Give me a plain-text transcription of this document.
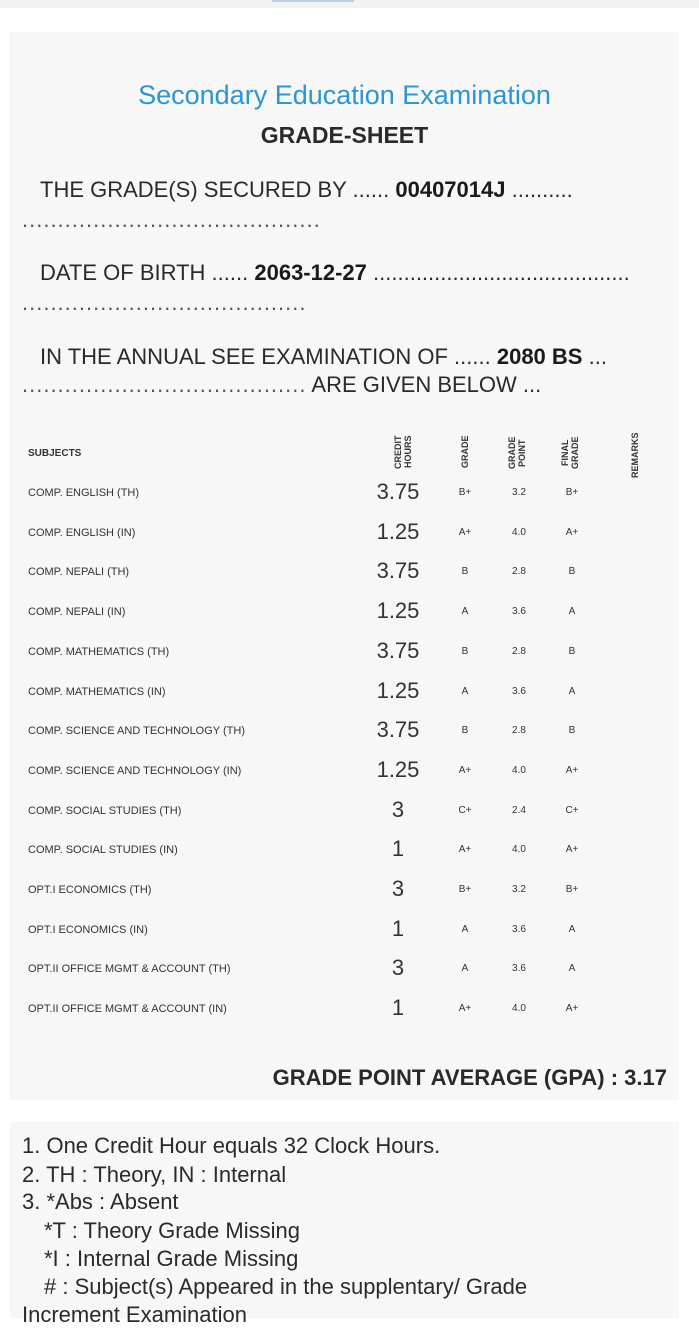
Secondary Education Examination
GRADE-SHEET
THE GRADE(S) SECURED BY ...... 00407014J ..........
..........................................
DATE OF BIRTH ...... 2063-12-27 ..........................................
........................................
IN THE ANNUAL SEE EXAMINATION OF ...... 2080 BS ...
........................................ ARE GIVEN BELOW ...
SUBJECTS	CREDIT HOURS	GRADE	GRADE POINT	FINAL GRADE	REMARKS
COMP. ENGLISH (TH)	3.75	B+	3.2	B+
COMP. ENGLISH (IN)	1.25	A+	4.0	A+
COMP. NEPALI (TH)	3.75	B	2.8	B
COMP. NEPALI (IN)	1.25	A	3.6	A
COMP. MATHEMATICS (TH)	3.75	B	2.8	B
COMP. MATHEMATICS (IN)	1.25	A	3.6	A
COMP. SCIENCE AND TECHNOLOGY (TH)	3.75	B	2.8	B
COMP. SCIENCE AND TECHNOLOGY (IN)	1.25	A+	4.0	A+
COMP. SOCIAL STUDIES (TH)	3	C+	2.4	C+
COMP. SOCIAL STUDIES (IN)	1	A+	4.0	A+
OPT.I ECONOMICS (TH)	3	B+	3.2	B+
OPT.I ECONOMICS (IN)	1	A	3.6	A
OPT.II OFFICE MGMT & ACCOUNT (TH)	3	A	3.6	A
OPT.II OFFICE MGMT & ACCOUNT (IN)	1	A+	4.0	A+
GRADE POINT AVERAGE (GPA) : 3.17
1. One Credit Hour equals 32 Clock Hours.
2. TH : Theory, IN : Internal
3. *Abs : Absent
*T : Theory Grade Missing
*I : Internal Grade Missing
# : Subject(s) Appeared in the supplentary/ Grade
Increment Examination
